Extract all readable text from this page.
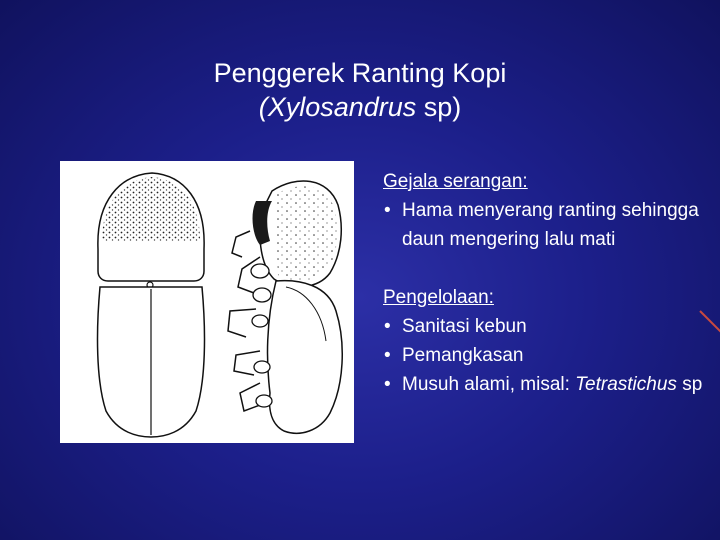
Penggerek Ranting Kopi
(Xylosandrus sp)
Gejala serangan:
• Hama menyerang ranting sehingga daun mengering lalu mati
Pengelolaan:
• Sanitasi kebun
• Pemangkasan
• Musuh alami, misal: Tetrastichus sp
